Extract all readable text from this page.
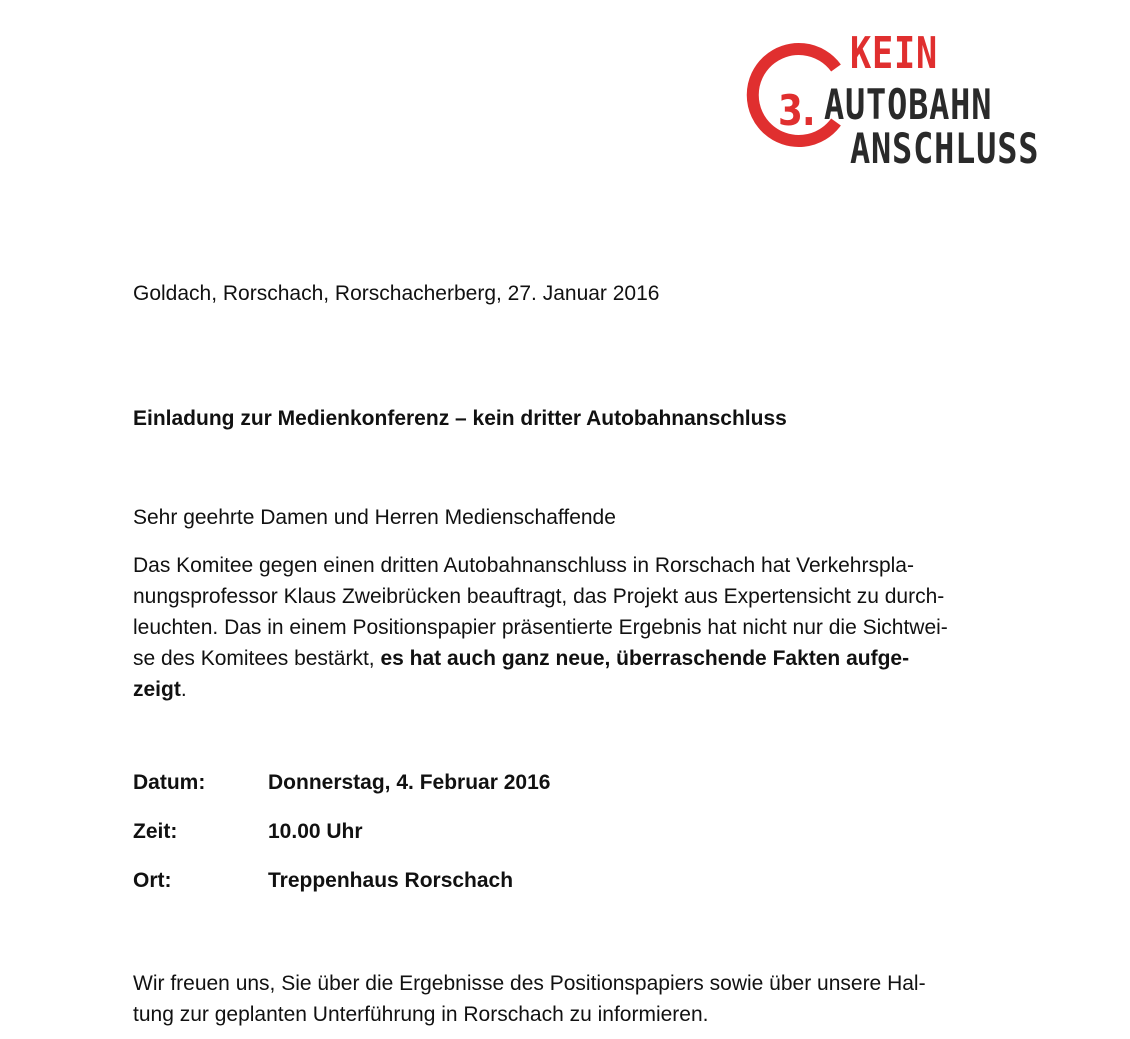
3.
KEIN
AUTOBAHN
ANSCHLUSS
Goldach, Rorschach, Rorschacherberg, 27. Januar 2016
Einladung zur Medienkonferenz – kein dritter Autobahnanschluss
Sehr geehrte Damen und Herren Medienschaffende
Das Komitee gegen einen dritten Autobahnanschluss in Rorschach hat Verkehrspla-
nungsprofessor Klaus Zweibrücken beauftragt, das Projekt aus Expertensicht zu durch-
leuchten. Das in einem Positionspapier präsentierte Ergebnis hat nicht nur die Sichtwei-
se des Komitees bestärkt, es hat auch ganz neue, überraschende Fakten aufge-
zeigt.
Datum:	Donnerstag, 4. Februar 2016
Zeit:	10.00 Uhr
Ort:	Treppenhaus Rorschach
Wir freuen uns, Sie über die Ergebnisse des Positionspapiers sowie über unsere Hal-
tung zur geplanten Unterführung in Rorschach zu informieren.
